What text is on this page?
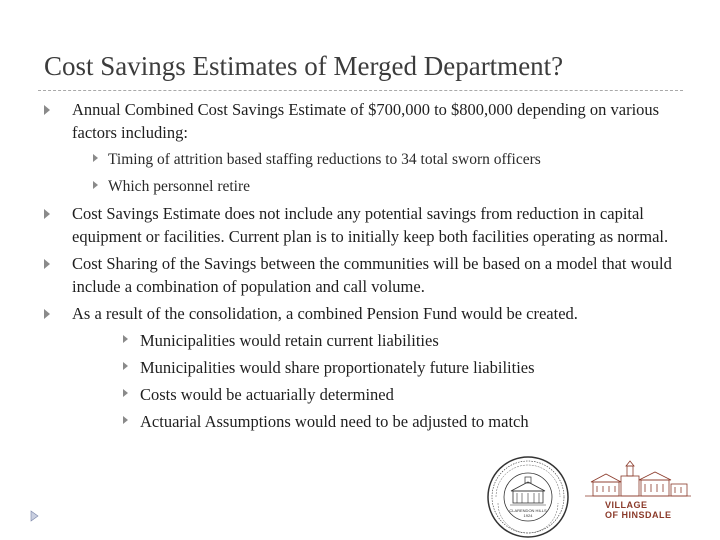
Cost Savings Estimates of Merged Department?
Annual Combined Cost Savings Estimate of $700,000 to $800,000 depending on various factors including:
Timing of attrition based staffing reductions to 34 total sworn officers
Which personnel retire
Cost Savings Estimate does not include any potential savings from reduction in capital equipment or facilities. Current plan is to initially keep both facilities operating as normal.
Cost Sharing of the Savings between the communities will be based on a model that would include a combination of population and call volume.
As a result of the consolidation, a combined Pension Fund would be created.
Municipalities would retain current liabilities
Municipalities would share proportionately future liabilities
Costs would be actuarially determined
Actuarial Assumptions would need to be adjusted to match
CLARENDON HILLS
1924
VILLAGE
OF HINSDALE
